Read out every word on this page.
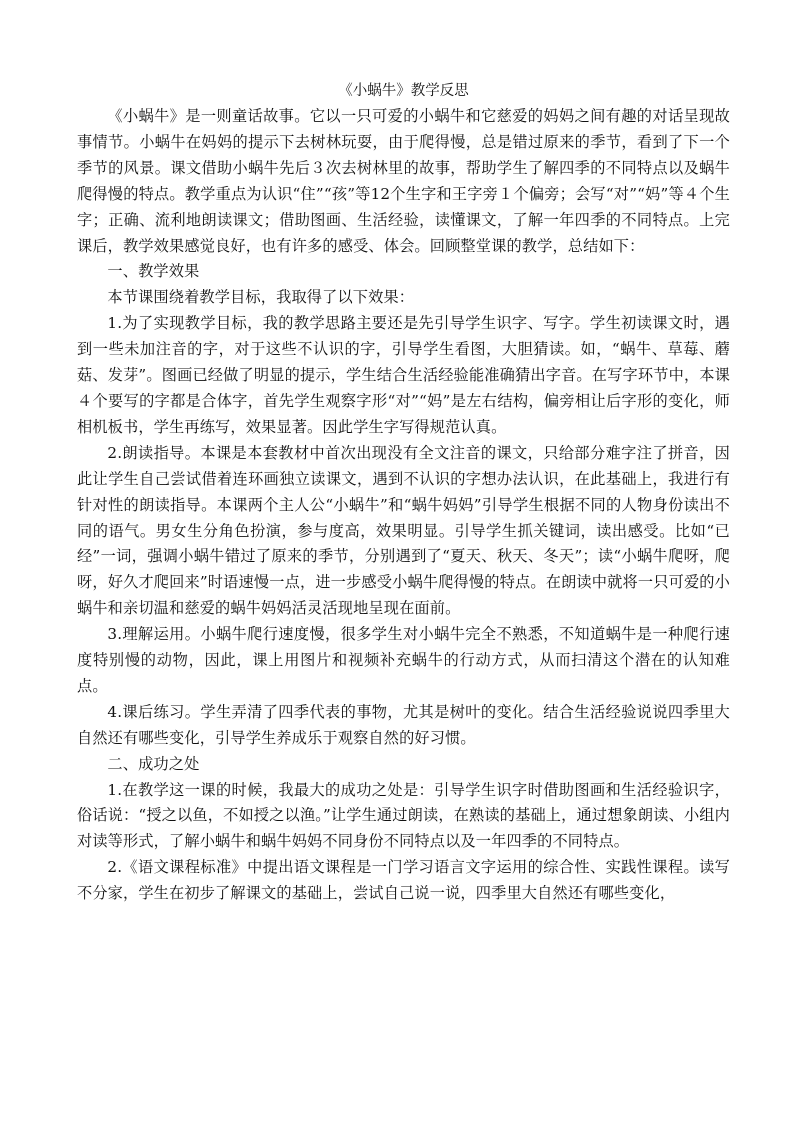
《小蜗牛》教学反思

《小蜗牛》是一则童话故事。它以一只可爱的小蜗牛和它慈爱的妈妈之间有趣的对话呈现故事情节。小蜗牛在妈妈的提示下去树林玩耍，由于爬得慢，总是错过原来的季节，看到了下一个季节的风景。课文借助小蜗牛先后３次去树林里的故事，帮助学生了解四季的不同特点以及蜗牛爬得慢的特点。教学重点为认识“住”“孩”等12个生字和王字旁１个偏旁；会写“对”“妈”等４个生字；正确、流利地朗读课文；借助图画、生活经验，读懂课文，了解一年四季的不同特点。上完课后，教学效果感觉良好，也有许多的感受、体会。回顾整堂课的教学，总结如下：

一、教学效果

本节课围绕着教学目标，我取得了以下效果：

1.为了实现教学目标，我的教学思路主要还是先引导学生识字、写字。学生初读课文时，遇到一些未加注音的字，对于这些不认识的字，引导学生看图，大胆猜读。如，“蜗牛、草莓、蘑菇、发芽”。图画已经做了明显的提示，学生结合生活经验能准确猜出字音。在写字环节中，本课４个要写的字都是合体字，首先学生观察字形“对”“妈”是左右结构，偏旁相让后字形的变化，师相机板书，学生再练写，效果显著。因此学生字写得规范认真。

2.朗读指导。本课是本套教材中首次出现没有全文注音的课文，只给部分难字注了拼音，因此让学生自己尝试借着连环画独立读课文，遇到不认识的字想办法认识，在此基础上，我进行有针对性的朗读指导。本课两个主人公“小蜗牛”和“蜗牛妈妈”引导学生根据不同的人物身份读出不同的语气。男女生分角色扮演，参与度高，效果明显。引导学生抓关键词，读出感受。比如“已经”一词，强调小蜗牛错过了原来的季节，分别遇到了“夏天、秋天、冬天”；读“小蜗牛爬呀，爬呀，好久才爬回来”时语速慢一点，进一步感受小蜗牛爬得慢的特点。在朗读中就将一只可爱的小蜗牛和亲切温和慈爱的蜗牛妈妈活灵活现地呈现在面前。

3.理解运用。小蜗牛爬行速度慢，很多学生对小蜗牛完全不熟悉，不知道蜗牛是一种爬行速度特别慢的动物，因此，课上用图片和视频补充蜗牛的行动方式，从而扫清这个潜在的认知难点。

4.课后练习。学生弄清了四季代表的事物，尤其是树叶的变化。结合生活经验说说四季里大自然还有哪些变化，引导学生养成乐于观察自然的好习惯。

二、成功之处

1.在教学这一课的时候，我最大的成功之处是：引导学生识字时借助图画和生活经验识字，俗话说：“授之以鱼，不如授之以渔。”让学生通过朗读，在熟读的基础上，通过想象朗读、小组内对读等形式，了解小蜗牛和蜗牛妈妈不同身份不同特点以及一年四季的不同特点。

2.《语文课程标准》中提出语文课程是一门学习语言文字运用的综合性、实践性课程。读写不分家，学生在初步了解课文的基础上，尝试自己说一说，四季里大自然还有哪些变化，
